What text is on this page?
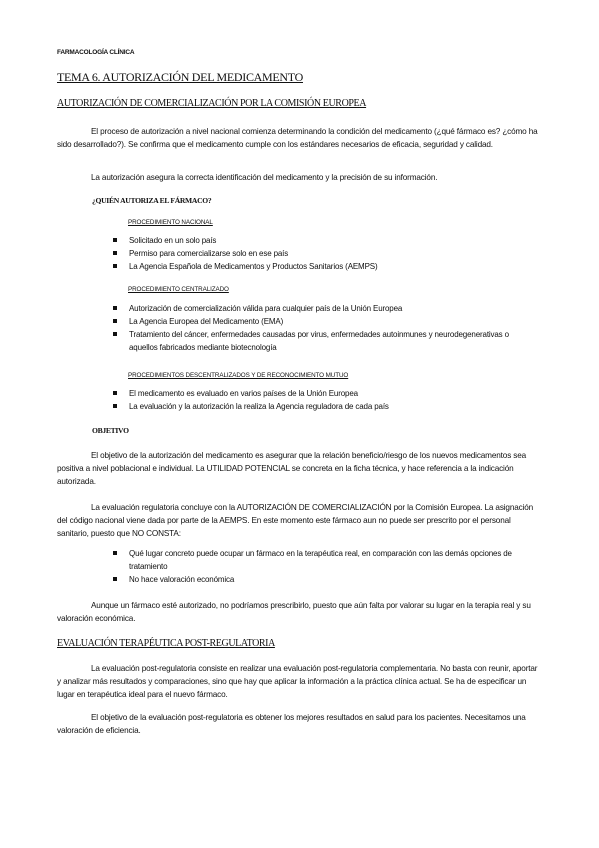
FARMACOLOGÍA CLÍNICA
TEMA 6. AUTORIZACIÓN DEL MEDICAMENTO
AUTORIZACIÓN DE COMERCIALIZACIÓN POR LA COMISIÓN EUROPEA
El proceso de autorización a nivel nacional comienza determinando la condición del medicamento (¿qué fármaco es? ¿cómo ha sido desarrollado?). Se confirma que el medicamento cumple con los estándares necesarios de eficacia, seguridad y calidad.
La autorización asegura la correcta identificación del medicamento y la precisión de su información.
¿QUIÉN AUTORIZA EL FÁRMACO?
PROCEDIMIENTO NACIONAL
Solicitado en un solo país
Permiso para comercializarse solo en ese país
La Agencia Española de Medicamentos y Productos Sanitarios (AEMPS)
PROCEDIMIENTO CENTRALIZADO
Autorización de comercialización válida para cualquier país de la Unión Europea
La Agencia Europea del Medicamento (EMA)
Tratamiento del cáncer, enfermedades causadas por virus, enfermedades autoinmunes y neurodegenerativas o aquellos fabricados mediante biotecnología
PROCEDIMIENTOS DESCENTRALIZADOS Y DE RECONOCIMIENTO MUTUO
El medicamento es evaluado en varios países de la Unión Europea
La evaluación y la autorización la realiza la Agencia reguladora de cada país
OBJETIVO
El objetivo de la autorización del medicamento es asegurar que la relación beneficio/riesgo de los nuevos medicamentos sea positiva a nivel poblacional e individual. La UTILIDAD POTENCIAL se concreta en la ficha técnica, y hace referencia a la indicación autorizada.
La evaluación regulatoria concluye con la AUTORIZACIÓN DE COMERCIALIZACIÓN por la Comisión Europea. La asignación del código nacional viene dada por parte de la AEMPS. En este momento este fármaco aun no puede ser prescrito por el personal sanitario, puesto que NO CONSTA:
Qué lugar concreto puede ocupar un fármaco en la terapéutica real, en comparación con las demás opciones de tratamiento
No hace valoración económica
Aunque un fármaco esté autorizado, no podríamos prescribirlo, puesto que aún falta por valorar su lugar en la terapia real y su valoración económica.
EVALUACIÓN TERAPÉUTICA POST-REGULATORIA
La evaluación post-regulatoria consiste en realizar una evaluación post-regulatoria complementaria. No basta con reunir, aportar y analizar más resultados y comparaciones, sino que hay que aplicar la información a la práctica clínica actual. Se ha de especificar un lugar en terapéutica ideal para el nuevo fármaco.
El objetivo de la evaluación post-regulatoria es obtener los mejores resultados en salud para los pacientes. Necesitamos una valoración de eficiencia.
